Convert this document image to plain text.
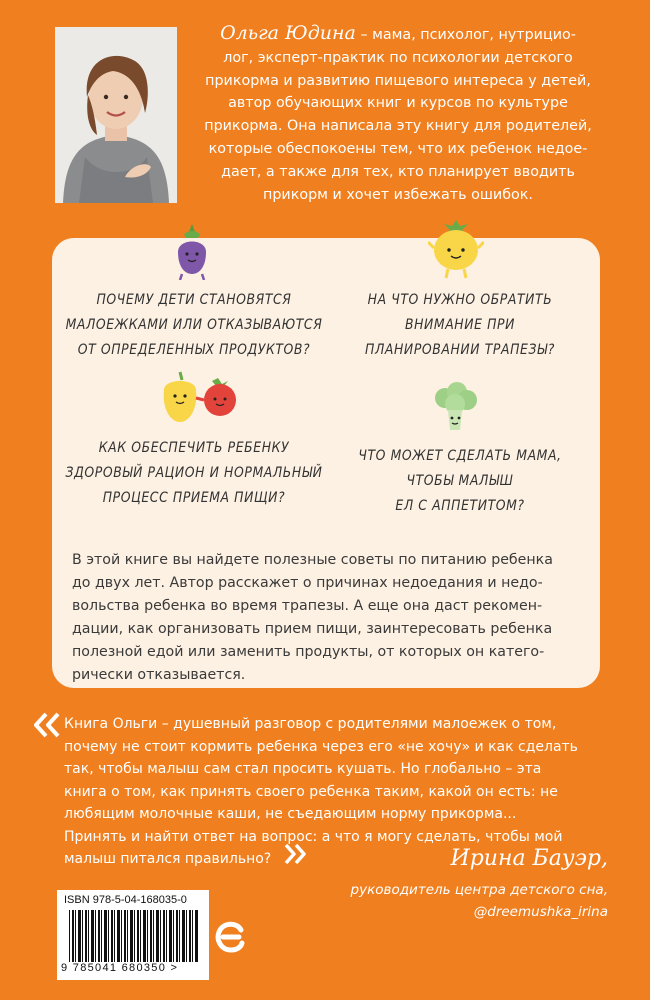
Ольга Юдина – мама, психолог, нутрицио-
лог, эксперт-практик по психологии детского
прикорма и развитию пищевого интереса у детей,
автор обучающих книг и курсов по культуре
прикорма. Она написала эту книгу для родителей,
которые обеспокоены тем, что их ребенок недое-
дает, а также для тех, кто планирует вводить
прикорм и хочет избежать ошибок.
ПОЧЕМУ ДЕТИ СТАНОВЯТСЯ
МАЛОЕЖКАМИ ИЛИ ОТКАЗЫВАЮТСЯ
ОТ ОПРЕДЕЛЕННЫХ ПРОДУКТОВ?
НА ЧТО НУЖНО ОБРАТИТЬ
ВНИМАНИЕ ПРИ
ПЛАНИРОВАНИИ ТРАПЕЗЫ?
КАК ОБЕСПЕЧИТЬ РЕБЕНКУ
ЗДОРОВЫЙ РАЦИОН И НОРМАЛЬНЫЙ
ПРОЦЕСС ПРИЕМА ПИЩИ?
ЧТО МОЖЕТ СДЕЛАТЬ МАМА,
ЧТОБЫ МАЛЫШ
ЕЛ С АППЕТИТОМ?
В этой книге вы найдете полезные советы по питанию ребенка
до двух лет. Автор расскажет о причинах недоедания и недо-
вольства ребенка во время трапезы. А еще она даст рекомен-
дации, как организовать прием пищи, заинтересовать ребенка
полезной едой или заменить продукты, от которых он катего-
рически отказывается.
Книга Ольги – душевный разговор с родителями малоежек о том,
почему не стоит кормить ребенка через его «не хочу» и как сделать
так, чтобы малыш сам стал просить кушать. Но глобально – эта
книга о том, как принять своего ребенка таким, какой он есть: не
любящим молочные каши, не съедающим норму прикорма...
Принять и найти ответ на вопрос: а что я могу сделать, чтобы мой
малыш питался правильно?	Ирина Бауэр,
руководитель центра детского сна,
@dreemushka_irina
ISBN 978-5-04-168035-0
9 785041 680350 >
